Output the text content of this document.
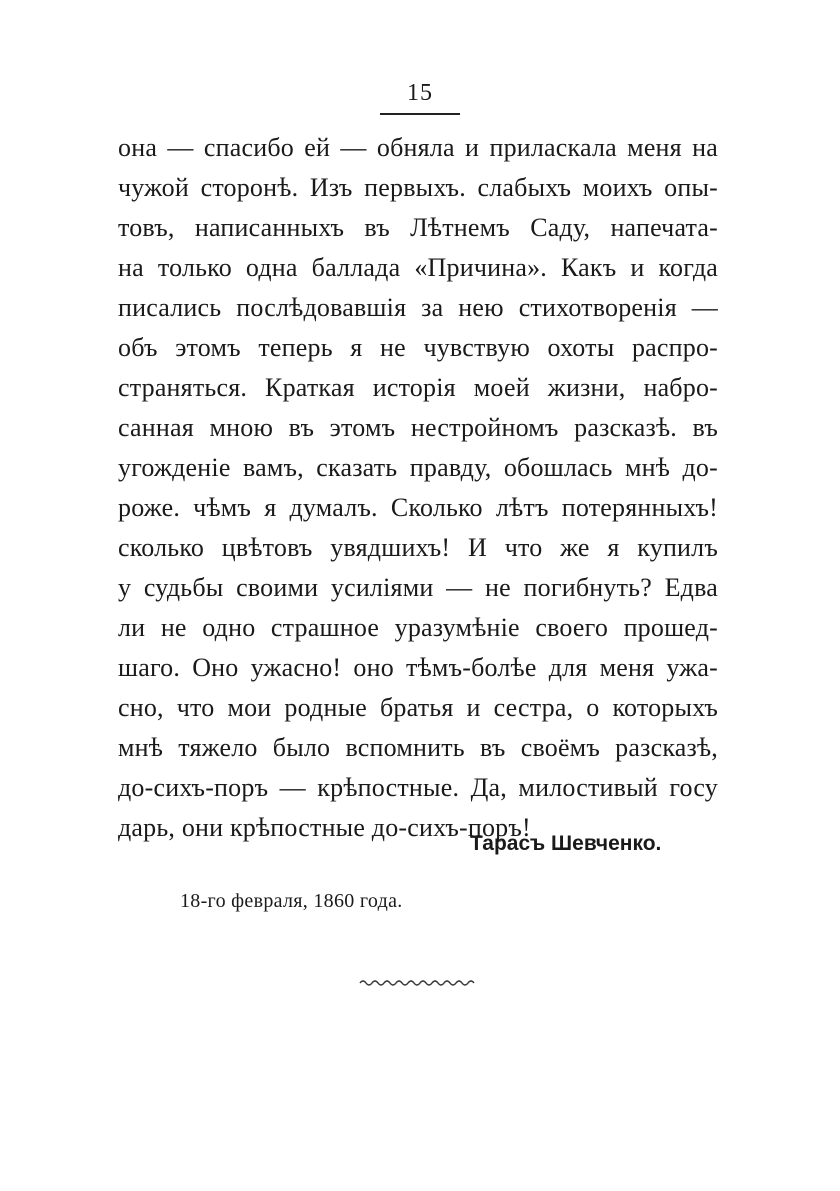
15
она — спасибо ей — обняла и приласкала меня на
чужой сторонѣ. Изъ первыхъ. слабыхъ моихъ опы-
товъ, написанныхъ въ Лѣтнемъ Саду, напечата-
на только одна баллада «Причина». Какъ и когда
писались послѣдовавшія за нею стихотворенія —
объ этомъ теперь я не чувствую охоты распро-
страняться. Краткая исторія моей жизни, набро-
санная мною въ этомъ нестройномъ разсказѣ. въ
угожденіе вамъ, сказать правду, обошлась мнѣ до-
роже. чѣмъ я думалъ. Сколько лѣтъ потерянныхъ!
сколько цвѣтовъ увядшихъ! И что же я купилъ
у судьбы своими усиліями — не погибнуть? Едва
ли не одно страшное уразумѣніе своего прошед-
шаго. Оно ужасно! оно тѣмъ-болѣе для меня ужа-
сно, что мои родные братья и сестра, о которыхъ
мнѣ тяжело было вспомнить въ своёмъ разсказѣ,
до-сихъ-поръ — крѣпостные. Да, милостивый госу
дарь, они крѣпостные до-сихъ-поръ!
Тарасъ Шевченко.
18-го февраля, 1860 года.
